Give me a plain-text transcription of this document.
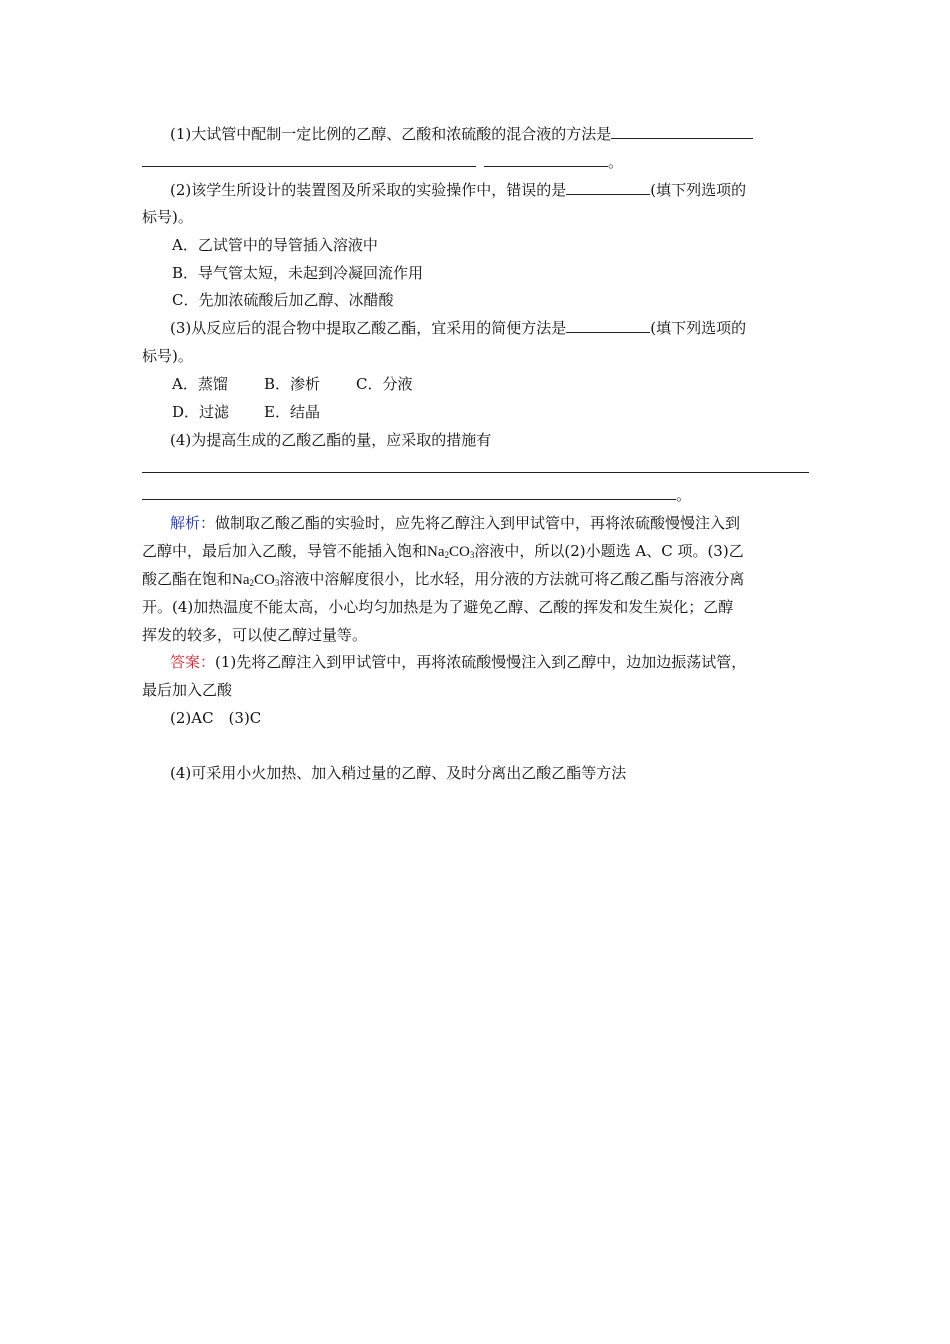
(1)大试管中配制一定比例的乙醇、乙酸和浓硫酸的混合液的方法是
。
(2)该学生所设计的装置图及所采取的实验操作中，错误的是	(填下列选项的
标号)。
A．乙试管中的导管插入溶液中
B．导气管太短，未起到冷凝回流作用
C．先加浓硫酸后加乙醇、冰醋酸
(3)从反应后的混合物中提取乙酸乙酯，宜采用的简便方法是	(填下列选项的
标号)。
A．蒸馏 B．渗析 C．分液
D．过滤 E．结晶
(4)为提高生成的乙酸乙酯的量，应采取的措施有
。
解析：做制取乙酸乙酯的实验时，应先将乙醇注入到甲试管中，再将浓硫酸慢慢注入到
乙醇中，最后加入乙酸，导管不能插入饱和$Na_2CO_3$溶液中，所以(2)小题选 A、C 项。(3)乙
酸乙酯在饱和$Na_2CO_3$溶液中溶解度很小，比水轻，用分液的方法就可将乙酸乙酯与溶液分离
开。(4)加热温度不能太高，小心均匀加热是为了避免乙醇、乙酸的挥发和发生炭化；乙醇
挥发的较多，可以使乙醇过量等。
答案：(1)先将乙醇注入到甲试管中，再将浓硫酸慢慢注入到乙醇中，边加边振荡试管，
最后加入乙酸
(2)AC　(3)C
(4)可采用小火加热、加入稍过量的乙醇、及时分离出乙酸乙酯等方法
